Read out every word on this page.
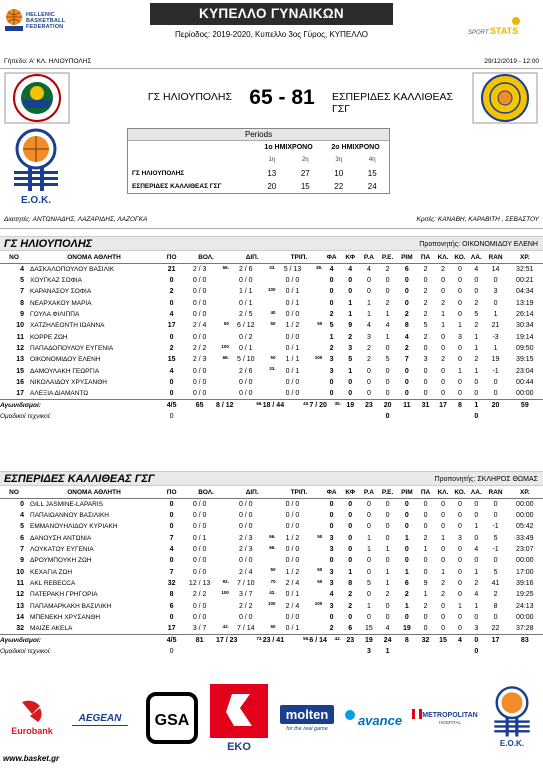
HELLENIC
BASKETBALL
FEDERATION
ΚΥΠΕΛΛΟ ΓΥΝΑΙΚΩΝ
Περίοδος: 2019-2020, Κυπελλο 3ος Γύρος, ΚΥΠΕΛΛΟ	SPORT STATS
Γήπεδο: Α' ΚΛ. ΗΛΙΟΥΠΟΛΗΣ	29/12/2019 - 12:00
ΓΣ ΗΛΙΟΥΠΟΛΗΣ 65 - 81	ΕΣΠΕΡΙΔΕΣ ΚΑΛΛΙΘΕΑΣ
ΓΣΓ
Ε.Ο.Κ.
Periods
1ο ΗΜΙΧΡΟΝΟ	2ο ΗΜΙΧΡΟΝΟ
1η	2η	3η	4η
ΓΣ ΗΛΙΟΥΠΟΛΗΣ	13	27	10	15
ΕΣΠΕΡΙΔΕΣ ΚΑΛΛΙΘΕΑΣ ΓΣΓ	20	15	22	24
Διαιτητές: ΑΝΤΩΝΙΑΔΗΣ, ΛΑΖΑΡΙΔΗΣ, ΛΑΖΟΓΚΑ	Κριτές: ΚΑΝΑΒΗ, ΚΑΡΑΒΙΤΗ , ΣΕΒΑΣΤΟΥ
ΓΣ ΗΛΙΟΥΠΟΛΗΣ	Προπονητής: ΟΙΚΟΝΟΜΙΔΟΥ ΕΛΕΝΗ
ΝΟ	ΟΝΟΜΑ ΑΘΛΗΤΗ	ΠΟ	ΒΟΛ.		ΔΙΠ.		ΤΡΙΠ.		ΦΑ	ΚΦ	Ρ.Α	Ρ.Ε.	ΡΙΜ	ΠΑ	ΚΛ.	ΚΟ.	ΛΑ.	RAN	ΧΡ.
4	ΔΑΣΚΑΛΟΠΟΥΛΟΥ ΒΑΣΙΛΙΚ	21	2 / 3	66.	2 / 6	33.	5 / 13	38.	4	4	4	2	6	2	2	0	4	14	32:51
5	ΧΟΥΓΚΑΖ ΣΟΦΙΑ	0	0 / 0		0 / 0		0 / 0		0	0	0	0	0	0	0	0	0	0	00:21
7	ΚΑΡΑΝΑΣΟΥ ΣΟΦΙΑ	2	0 / 0		1 / 1	100	0 / 1		0	0	0	0	0	2	0	0	0	3	04:34
8	ΝΕΑΡΧΑΚΟΥ ΜΑΡΙΑ	0	0 / 0		0 / 1		0 / 1		0	1	1	2	0	2	2	0	2	0	13:19
9	ΓΟΥΛΑ ΦΙΛΙΠΠΑ	4	0 / 0		2 / 5	40	0 / 0		2	1	1	1	2	2	1	0	5	1	26:14
10	ΧΑΤΖΗΛΕΟΝΤΗ ΙΩΑΝΝΑ	17	2 / 4	50	6 / 12	50	1 / 2	50	5	9	4	4	8	5	1	1	2	21	30:34
11	ΚΟΡΡΕ ΖΩΗ	0	0 / 0		0 / 2		0 / 0		1	2	3	1	4	2	0	3	1	-3	19:14
12	ΠΑΠΑΔΟΠΟΥΛΟΥ ΕΥΓΕΝΙΑ	2	2 / 2	100	0 / 1		0 / 1		2	3	2	0	2	0	0	0	1	1	09:50
13	ΟΙΚΟΝΟΜΙΔΟΥ ΕΛΕΝΗ	15	2 / 3	66.	5 / 10	50	1 / 1	100	3	5	2	5	7	3	2	0	2	19	39:15
15	ΔΑΜΟΥΛΑΚΗ ΓΕΩΡΓΙΑ	4	0 / 0		2 / 6	33.	0 / 1		3	1	0	0	0	0	0	1	1	-1	23:04
16	ΝΙΚΟΛΑΙΔΟΥ ΧΡΥΣΑΝΘΗ	0	0 / 0		0 / 0		0 / 0		0	0	0	0	0	0	0	0	0	0	00:44
17	ΑΛΕΞΙΑ ΔΙΑΜΑΝΤΩ	0	0 / 0		0 / 0		0 / 0		0	0	0	0	0	0	0	0	0	0	00:00
Αγωνιδισμοί:		4/5	65	8 / 12	66.	18 / 44	40.	7 / 20	35.	19	23	20	11	31	17	8	1	20	59
Ομαδικοί τεχνικοί:		0										0					0		
ΕΣΠΕΡΙΔΕΣ ΚΑΛΛΙΘΕΑΣ ΓΣΓ	Προπονητής: ΣΚΛΗΡΟΣ ΘΩΜΑΣ
ΝΟ	ΟΝΟΜΑ ΑΘΛΗΤΗ	ΠΟ	ΒΟΛ.		ΔΙΠ.		ΤΡΙΠ.		ΦΑ	ΚΦ	Ρ.Α	Ρ.Ε.	ΡΙΜ	ΠΑ	ΚΛ.	ΚΟ.	ΛΑ.	RAN	ΧΡ.
0	GILL JASMINE-LAPARIS	0	0 / 0		0 / 0		0 / 0		0	0	0	0	0	0	0	0	0	0	00:00
4	ΠΑΠΑΙΩΑΝΝΟΥ ΒΑΣΙΛΙΚΗ	0	0 / 0		0 / 0		0 / 0		0	0	0	0	0	0	0	0	0	0	00:00
5	ΕΜΜΑΝΟΥΗΛΙΔΟΥ ΚΥΡΙΑΚΗ	0	0 / 0		0 / 0		0 / 0		0	0	0	0	0	0	0	0	1	-1	05:42
6	ΔΑΝΟΥΣΗ ΑΝΤΩΝΙΑ	7	0 / 1		2 / 3	66.	1 / 2	50	3	0	1	0	1	2	1	3	0	5	33:49
7	ΛΟΥΚΑΤΟΥ ΕΥΓΕΝΙΑ	4	0 / 0		2 / 3	66.	0 / 0		3	0	1	1	0	1	0	0	4	-1	23:07
9	ΔΡΟΥΜΠΟΥΚΗ ΖΩΗ	0	0 / 0		0 / 0		0 / 0		0	0	0	0	0	0	0	0	0	0	00:00
10	ΚΕΧΑΓΙΑ ΖΩΗ	7	0 / 0		2 / 4	50	1 / 2	50	3	1	0	1	1	0	1	0	1	5	17:00
11	AKL REBECCA	32	12 / 13	92.	7 / 10	70	2 / 4	50	3	8	5	1	6	9	2	0	2	41	39:16
12	ΠΑΤΕΡΑΚΗ ΓΡΗΓΟΡΙΑ	8	2 / 2	100	3 / 7	42.	0 / 1		4	2	0	2	2	1	2	0	4	2	19:25
13	ΠΑΠΑΜΑΡΚΑΚΗ ΒΑΣΙΛΙΚΗ	6	0 / 0		2 / 2	100	2 / 4	100	3	2	1	0	1	2	0	1	1	8	24:13
14	ΜΠΕΝΕΚΗ ΧΡΥΣΑΝΘΗ	0	0 / 0		0 / 0		0 / 0		0	0	0	0	0	0	0	0	0	0	00:00
32	MAIZE AKELA	17	3 / 7	42.	7 / 14	50	0 / 1		2	6	15	4	19	0	0	0	3	22	37:28
Αγωνιδισμοί:		4/5	81	17 / 23	73.	23 / 41	56.	6 / 14	42.	23	19	24	8	32	15	4	0	17	83
Ομαδικοί τεχνικοί:		0									3	1					0		
Eurobank
AEGEAN GSA
EKO
molten
for the real game
avance	METROPOLITAN
HOSPITAL
Ε.Ο.Κ.
www.basket.gr
